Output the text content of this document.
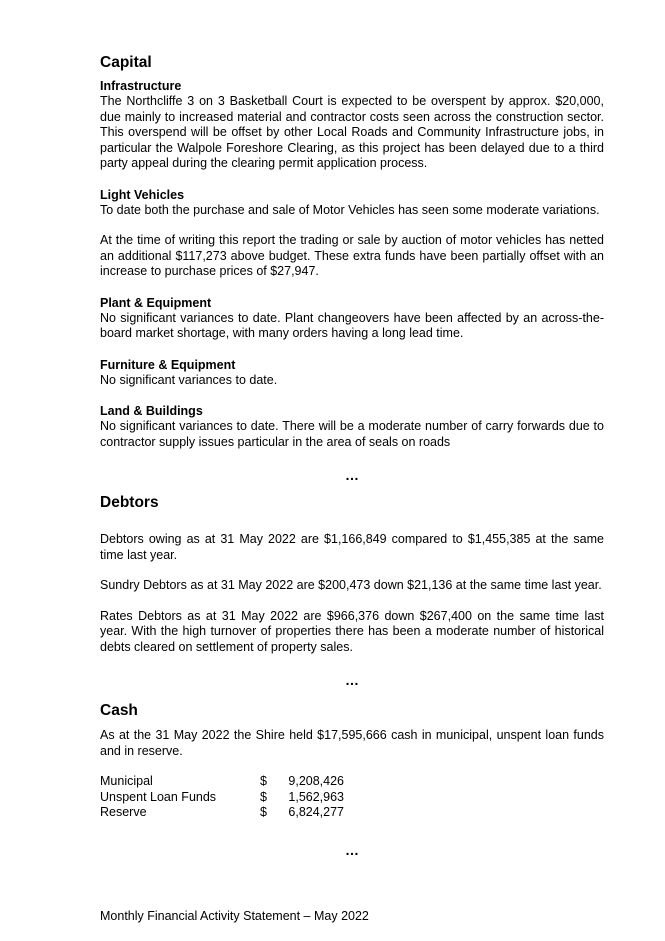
Capital
Infrastructure

The Northcliffe 3 on 3 Basketball Court is expected to be overspent by approx. $20,000, due mainly to increased material and contractor costs seen across the construction sector. This overspend will be offset by other Local Roads and Community Infrastructure jobs, in particular the Walpole Foreshore Clearing, as this project has been delayed due to a third party appeal during the clearing permit application process.

Light Vehicles

To date both the purchase and sale of Motor Vehicles has seen some moderate variations.

At the time of writing this report the trading or sale by auction of motor vehicles has netted an additional $117,273 above budget. These extra funds have been partially offset with an increase to purchase prices of $27,947.

Plant & Equipment

No significant variances to date. Plant changeovers have been affected by an across-the-board market shortage, with many orders having a long lead time.

Furniture & Equipment

No significant variances to date.

Land & Buildings

No significant variances to date. There will be a moderate number of carry forwards due to contractor supply issues particular in the area of seals on roads

…
Debtors

Debtors owing as at 31 May 2022 are $1,166,849 compared to $1,455,385 at the same time last year.

Sundry Debtors as at 31 May 2022 are $200,473 down $21,136 at the same time last year.

Rates Debtors as at 31 May 2022 are $966,376 down $267,400 on the same time last year. With the high turnover of properties there has been a moderate number of historical debts cleared on settlement of property sales.

…
Cash

As at the 31 May 2022 the Shire held $17,595,666 cash in municipal, unspent loan funds and in reserve.

Municipal	$	9,208,426
Unspent Loan Funds	$	1,562,963
Reserve	$	6,824,277
…
Monthly Financial Activity Statement – May 2022
